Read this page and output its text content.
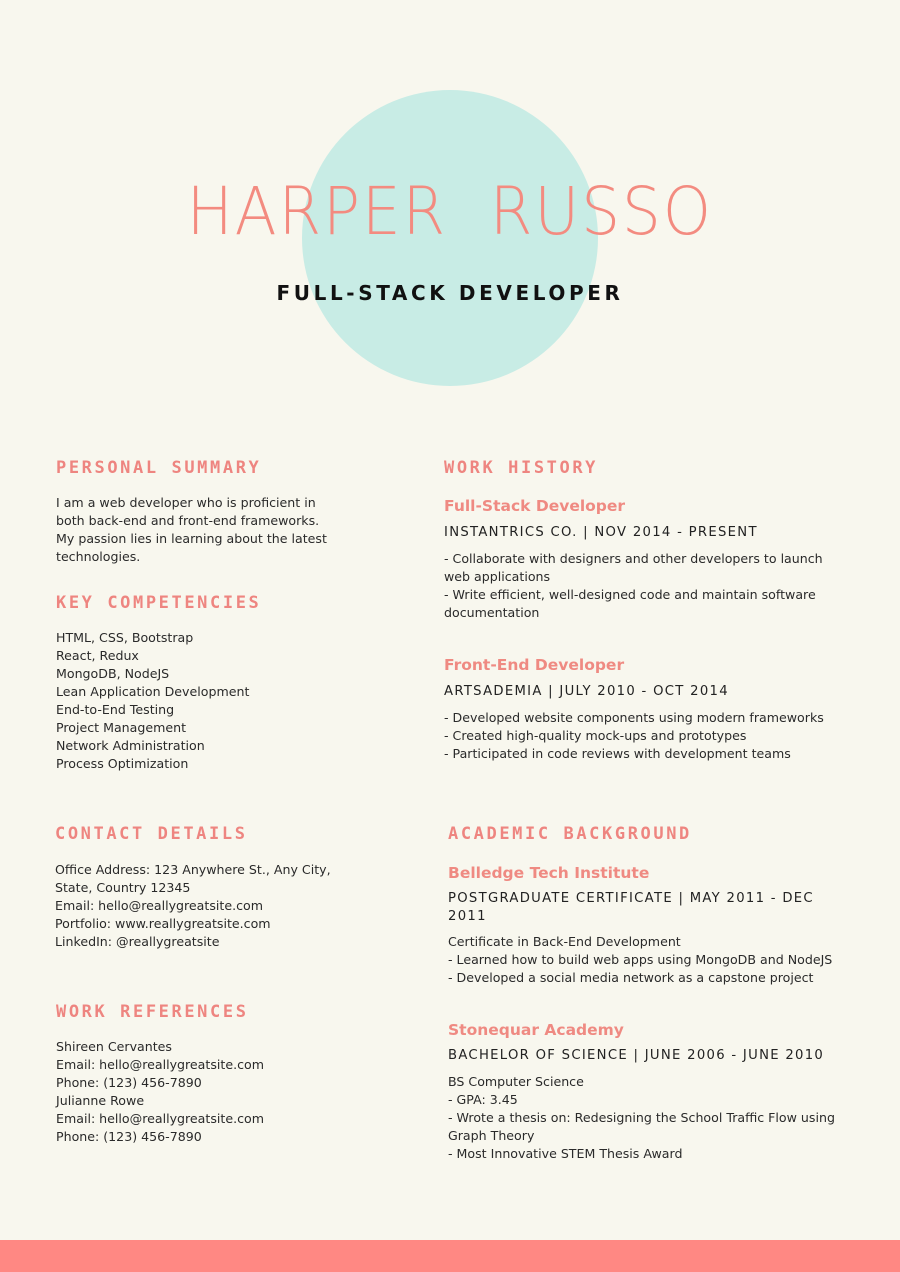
HARPER  RUSSO
FULL-STACK DEVELOPER
PERSONAL SUMMARY
I am a web developer who is proficient in
both back-end and front-end frameworks.
My passion lies in learning about the latest
technologies.
KEY COMPETENCIES
HTML, CSS, Bootstrap
React, Redux
MongoDB, NodeJS
Lean Application Development
End-to-End Testing
Project Management
Network Administration
Process Optimization
CONTACT DETAILS
Office Address: 123 Anywhere St., Any City,
State, Country 12345
Email: hello@reallygreatsite.com
Portfolio: www.reallygreatsite.com
LinkedIn: @reallygreatsite
WORK REFERENCES
Shireen Cervantes
Email: hello@reallygreatsite.com
Phone: (123) 456-7890
Julianne Rowe
Email: hello@reallygreatsite.com
Phone: (123) 456-7890
WORK HISTORY
Full-Stack Developer

INSTANTRICS CO. | NOV 2014 - PRESENT

- Collaborate with designers and other developers to launch
web applications
- Write efficient, well-designed code and maintain software
documentation
Front-End Developer

ARTSADEMIA | JULY 2010 - OCT 2014

- Developed website components using modern frameworks
- Created high-quality mock-ups and prototypes
- Participated in code reviews with development teams
ACADEMIC BACKGROUND
Belledge Tech Institute
POSTGRADUATE CERTIFICATE | MAY 2011 - DEC
2011
Certificate in Back-End Development
- Learned how to build web apps using MongoDB and NodeJS
- Developed a social media network as a capstone project
Stonequar Academy
BACHELOR OF SCIENCE | JUNE 2006 - JUNE 2010
BS Computer Science
- GPA: 3.45
- Wrote a thesis on: Redesigning the School Traffic Flow using
Graph Theory
- Most Innovative STEM Thesis Award
